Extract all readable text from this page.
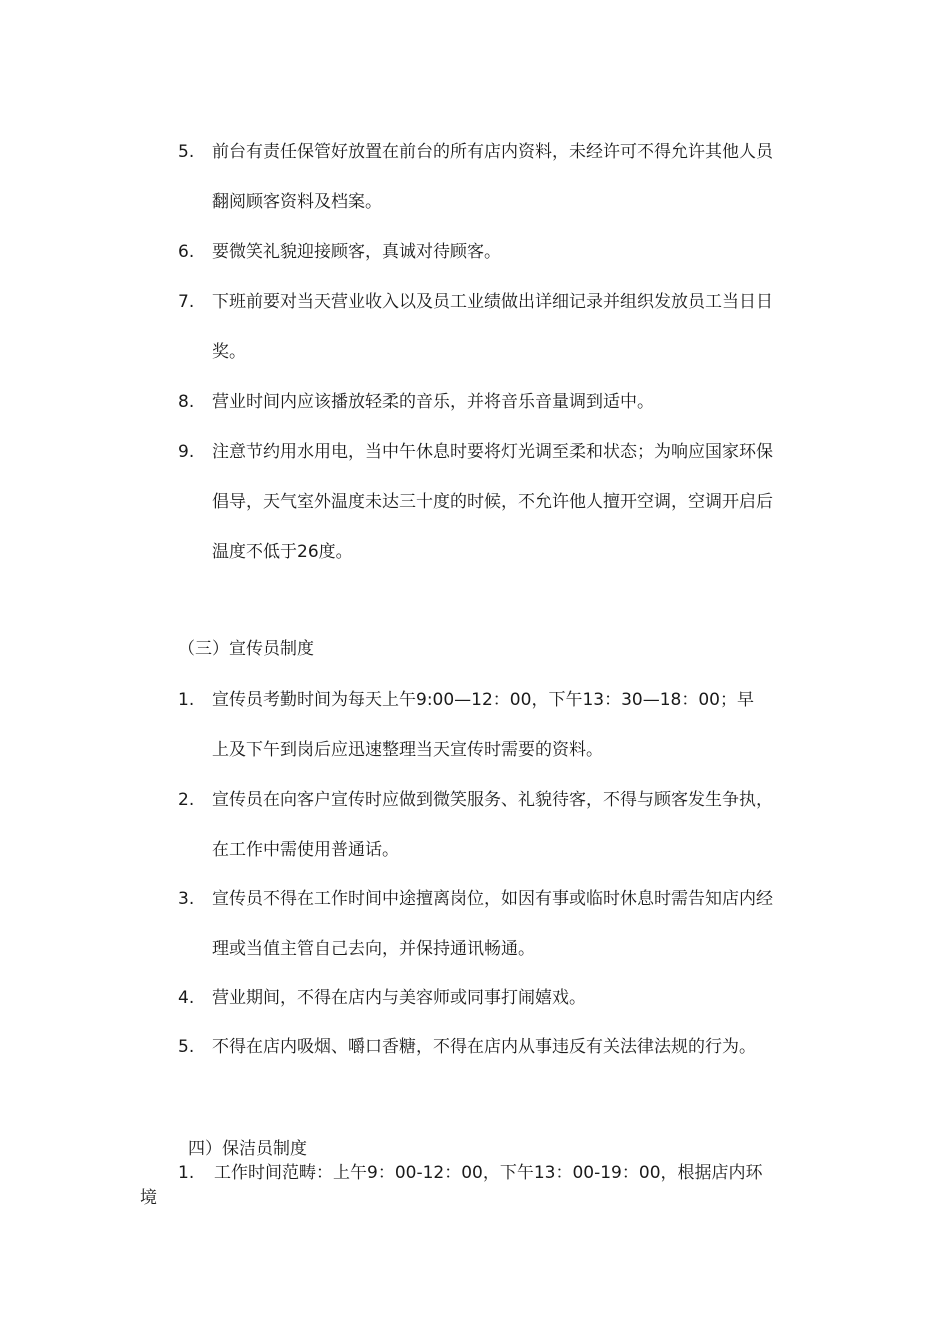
5.	前台有责任保管好放置在前台的所有店内资料，未经许可不得允许其他人员
翻阅顾客资料及档案。
6.	要微笑礼貌迎接顾客，真诚对待顾客。
7.	下班前要对当天营业收入以及员工业绩做出详细记录并组织发放员工当日日
奖。
8.	营业时间内应该播放轻柔的音乐，并将音乐音量调到适中。
9.	注意节约用水用电，当中午休息时要将灯光调至柔和状态；为响应国家环保
倡导，天气室外温度未达三十度的时候，不允许他人擅开空调，空调开启后
温度不低于26度。
（三）宣传员制度
1.	宣传员考勤时间为每天上午9:00—12：00，下午13：30—18：00；早
上及下午到岗后应迅速整理当天宣传时需要的资料。
2.	宣传员在向客户宣传时应做到微笑服务、礼貌待客，不得与顾客发生争执，
在工作中需使用普通话。
3.	宣传员不得在工作时间中途擅离岗位，如因有事或临时休息时需告知店内经
理或当值主管自己去向，并保持通讯畅通。
4.	营业期间，不得在店内与美容师或同事打闹嬉戏。
5.	不得在店内吸烟、嚼口香糖，不得在店内从事违反有关法律法规的行为。
四）保洁员制度
1.	工作时间范畴：上午9：00-12：00，下午13：00-19：00，根据店内环
境
